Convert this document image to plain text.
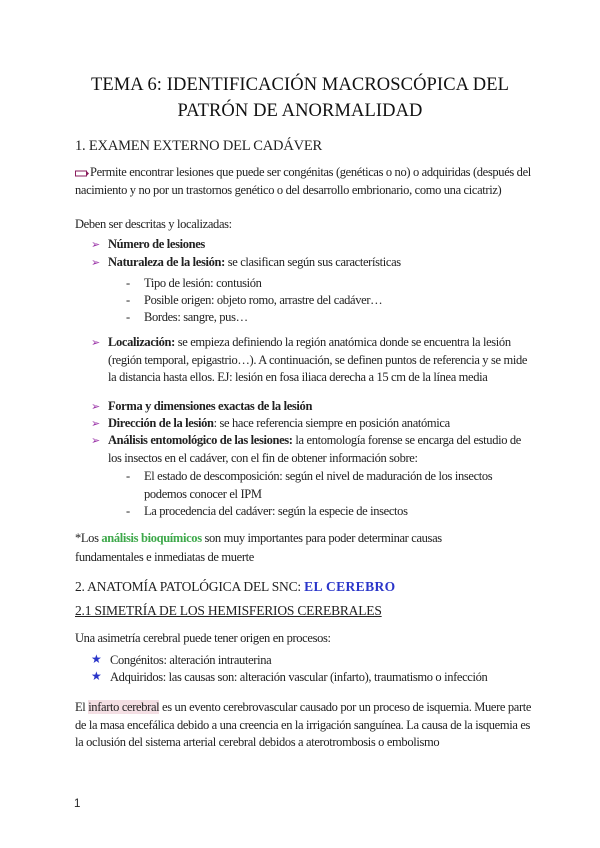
TEMA 6: IDENTIFICACIÓN MACROSCÓPICA DEL
PATRÓN DE ANORMALIDAD
1. EXAMEN EXTERNO DEL CADÁVER
Permite encontrar lesiones que puede ser congénitas (genéticas o no) o adquiridas (después del nacimiento y no por un trastornos genético o del desarrollo embrionario, como una cicatriz)
Deben ser descritas y localizadas:
➢ Número de lesiones
➢ Naturaleza de la lesión: se clasifican según sus características
- Tipo de lesión: contusión
- Posible origen: objeto romo, arrastre del cadáver…
- Bordes: sangre, pus…
➢ Localización: se empieza definiendo la región anatómica donde se encuentra la lesión (región temporal, epigastrio…). A continuación, se definen puntos de referencia y se mide la distancia hasta ellos. EJ: lesión en fosa iliaca derecha a 15 cm de la línea media
➢ Forma y dimensiones exactas de la lesión
➢ Dirección de la lesión: se hace referencia siempre en posición anatómica
➢ Análisis entomológico de las lesiones: la entomología forense se encarga del estudio de los insectos en el cadáver, con el fin de obtener información sobre:
- El estado de descomposición: según el nivel de maduración de los insectos podemos conocer el IPM
- La procedencia del cadáver: según la especie de insectos
*Los análisis bioquímicos son muy importantes para poder determinar causas fundamentales e inmediatas de muerte
2. ANATOMÍA PATOLÓGICA DEL SNC: EL CEREBRO
2.1 SIMETRÍA DE LOS HEMISFERIOS CEREBRALES
Una asimetría cerebral puede tener origen en procesos:
★ Congénitos: alteración intrauterina
★ Adquiridos: las causas son: alteración vascular (infarto), traumatismo o infección
El infarto cerebral es un evento cerebrovascular causado por un proceso de isquemia. Muere parte de la masa encefálica debido a una creencia en la irrigación sanguínea. La causa de la isquemia es la oclusión del sistema arterial cerebral debidos a aterotrombosis o embolismo
1
